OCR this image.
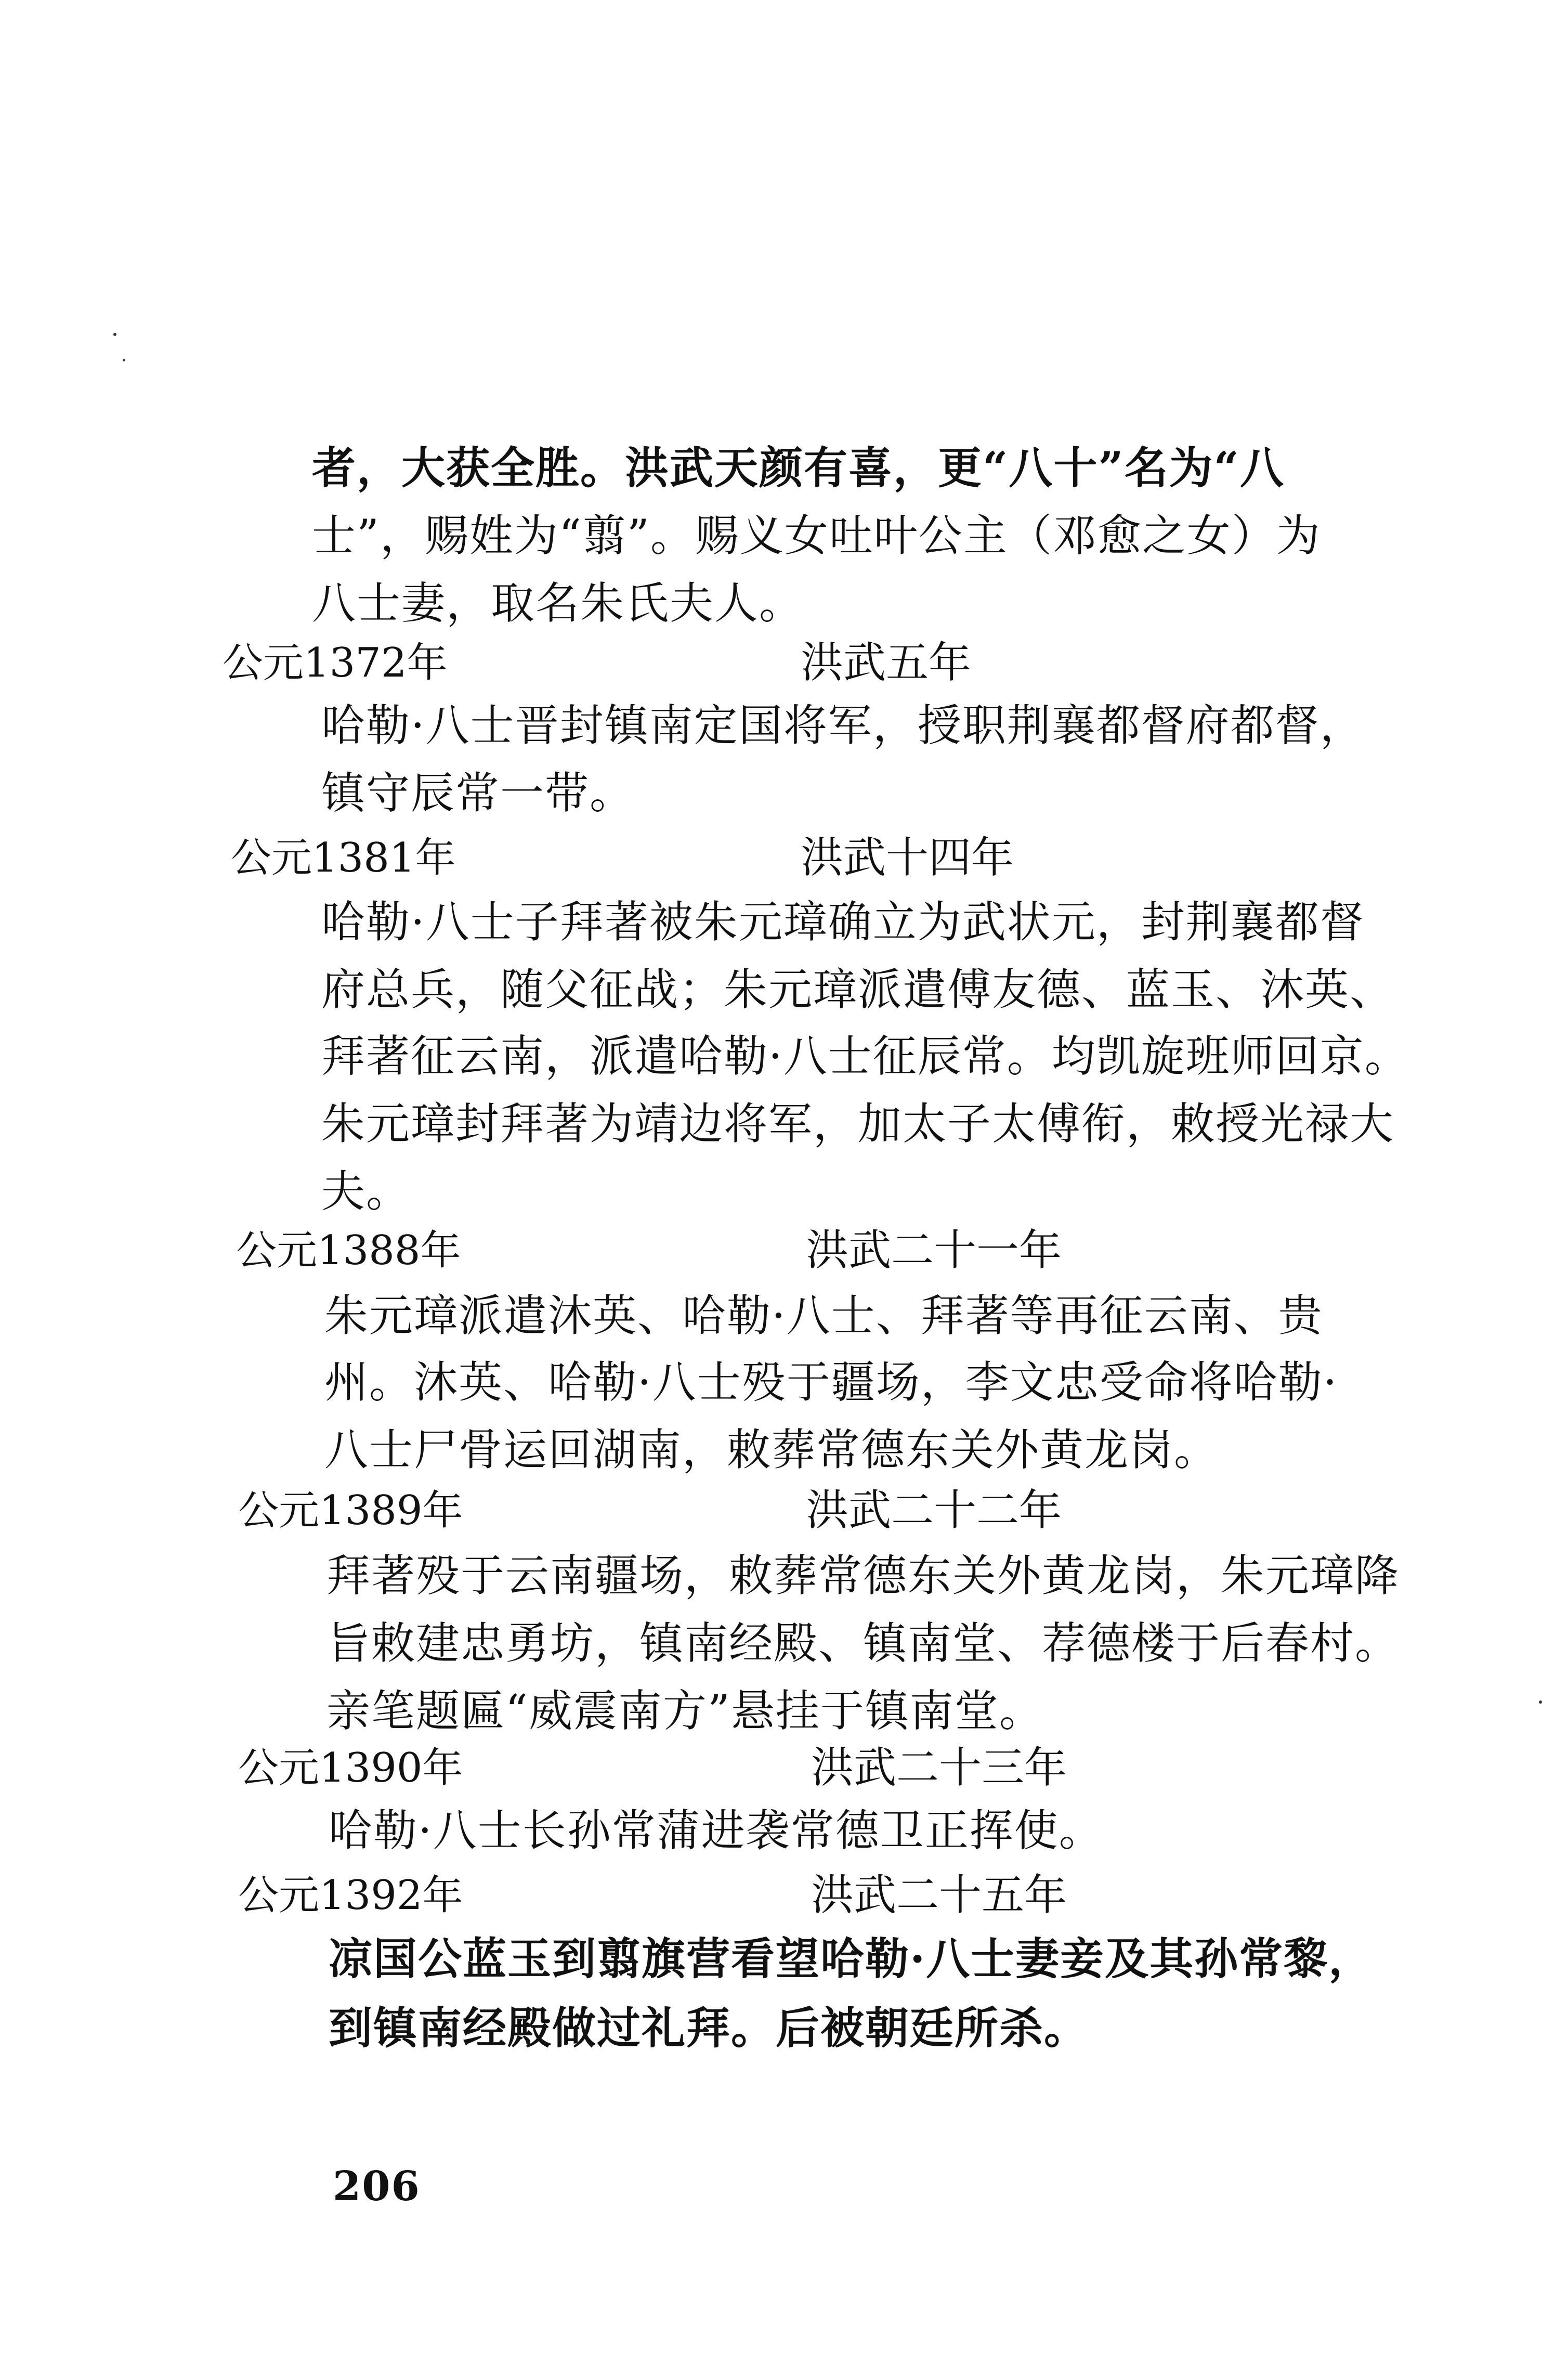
者，大获全胜。洪武天颜有喜，更“八十”名为“八
士”，赐姓为“翦”。赐义女吐叶公主（邓愈之女）为
八士妻，取名朱氏夫人。
公元1372年	洪武五年
哈勒·八士晋封镇南定国将军，授职荆襄都督府都督，
镇守辰常一带。
公元1381年	洪武十四年
哈勒·八士子拜著被朱元璋确立为武状元，封荆襄都督
府总兵，随父征战；朱元璋派遣傅友德、蓝玉、沐英、
拜著征云南，派遣哈勒·八士征辰常。均凯旋班师回京。
朱元璋封拜著为靖边将军，加太子太傅衔，敕授光禄大
夫。
公元1388年	洪武二十一年
朱元璋派遣沐英、哈勒·八士、拜著等再征云南、贵
州。沐英、哈勒·八士殁于疆场，李文忠受命将哈勒·
八士尸骨运回湖南，敕葬常德东关外黄龙岗。
公元1389年	洪武二十二年
拜著殁于云南疆场，敕葬常德东关外黄龙岗，朱元璋降
旨敕建忠勇坊，镇南经殿、镇南堂、荐德楼于后春村。
亲笔题匾“威震南方”悬挂于镇南堂。
公元1390年	洪武二十三年
哈勒·八士长孙常蒲进袭常德卫正挥使。
公元1392年	洪武二十五年
凉国公蓝玉到翦旗营看望哈勒·八士妻妾及其孙常黎，
到镇南经殿做过礼拜。后被朝廷所杀。
206
